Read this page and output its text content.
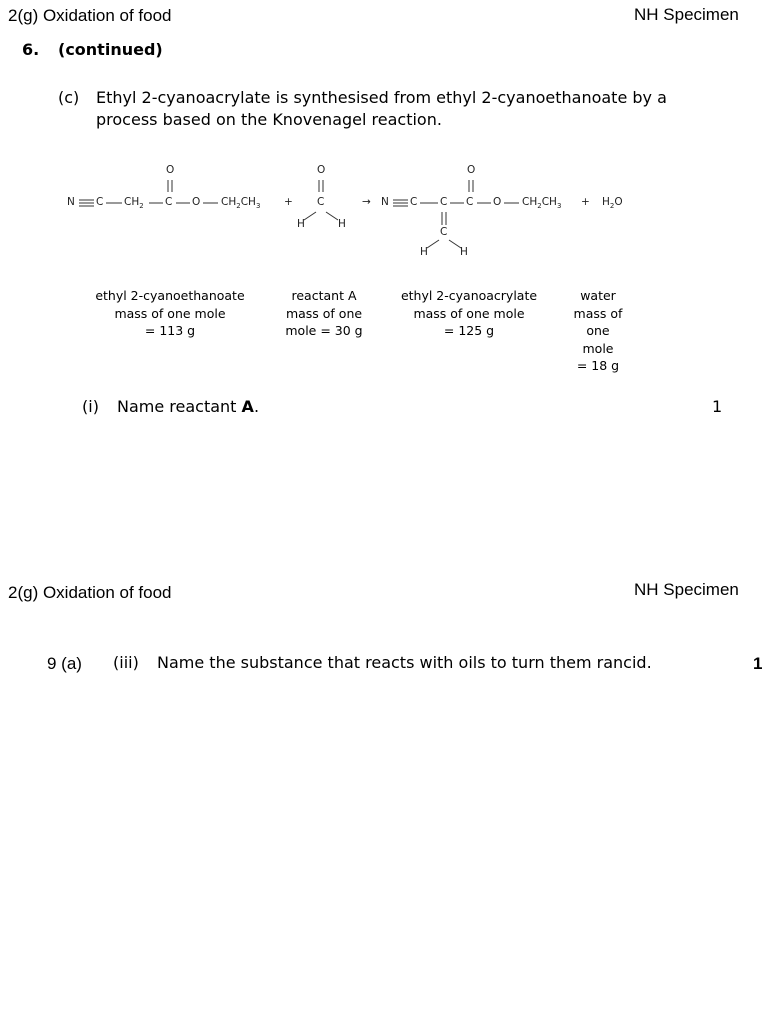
2(g) Oxidation of food	NH Specimen
6. (continued)
(c) Ethyl 2-cyanoacrylate is synthesised from ethyl 2-cyanoethanoate by a
process based on the Knovenagel reaction.
N C $CH_2$ C O $CH_2CH_3$
O
+
O
C
H	H
→ N C C C O $CH_2CH_3$
O
C
H	H
+ $H_2O$
ethyl 2-cyanoethanoate
mass of one mole
= 113 g
reactant A
mass of one
mole = 30 g
ethyl 2-cyanoacrylate
mass of one mole
= 125 g
water
mass of
one
mole
= 18 g
(i) Name reactant A.	1
2(g) Oxidation of food	NH Specimen
9 (a) (iii) Name the substance that reacts with oils to turn them rancid.	1
